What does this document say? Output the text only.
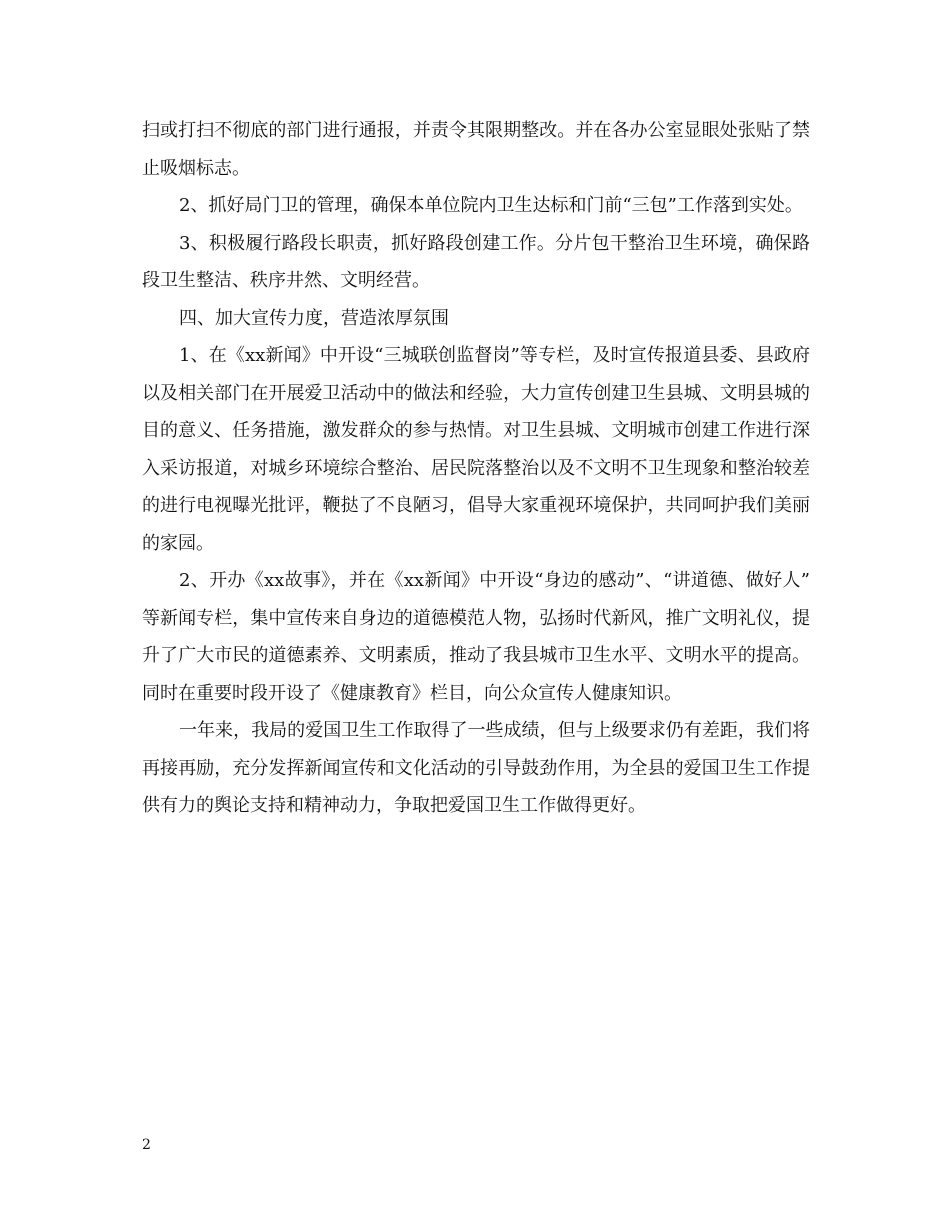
扫或打扫不彻底的部门进行通报，并责令其限期整改。并在各办公室显眼处张贴了禁止吸烟标志。

2、抓好局门卫的管理，确保本单位院内卫生达标和门前“三包”工作落到实处。

3、积极履行路段长职责，抓好路段创建工作。分片包干整治卫生环境，确保路段卫生整洁、秩序井然、文明经营。

四、加大宣传力度，营造浓厚氛围

1、在《xx新闻》中开设“三城联创监督岗”等专栏，及时宣传报道县委、县政府以及相关部门在开展爱卫活动中的做法和经验，大力宣传创建卫生县城、文明县城的目的意义、任务措施，激发群众的参与热情。对卫生县城、文明城市创建工作进行深入采访报道，对城乡环境综合整治、居民院落整治以及不文明不卫生现象和整治较差的进行电视曝光批评，鞭挞了不良陋习，倡导大家重视环境保护，共同呵护我们美丽的家园。

2、开办《xx故事》，并在《xx新闻》中开设“身边的感动”、“讲道德、做好人” 等新闻专栏，集中宣传来自身边的道德模范人物，弘扬时代新风，推广文明礼仪，提升了广大市民的道德素养、文明素质，推动了我县城市卫生水平、文明水平的提高。同时在重要时段开设了《健康教育》栏目，向公众宣传人健康知识。

一年来，我局的爱国卫生工作取得了一些成绩，但与上级要求仍有差距，我们将再接再励，充分发挥新闻宣传和文化活动的引导鼓劲作用，为全县的爱国卫生工作提供有力的舆论支持和精神动力，争取把爱国卫生工作做得更好。

2
